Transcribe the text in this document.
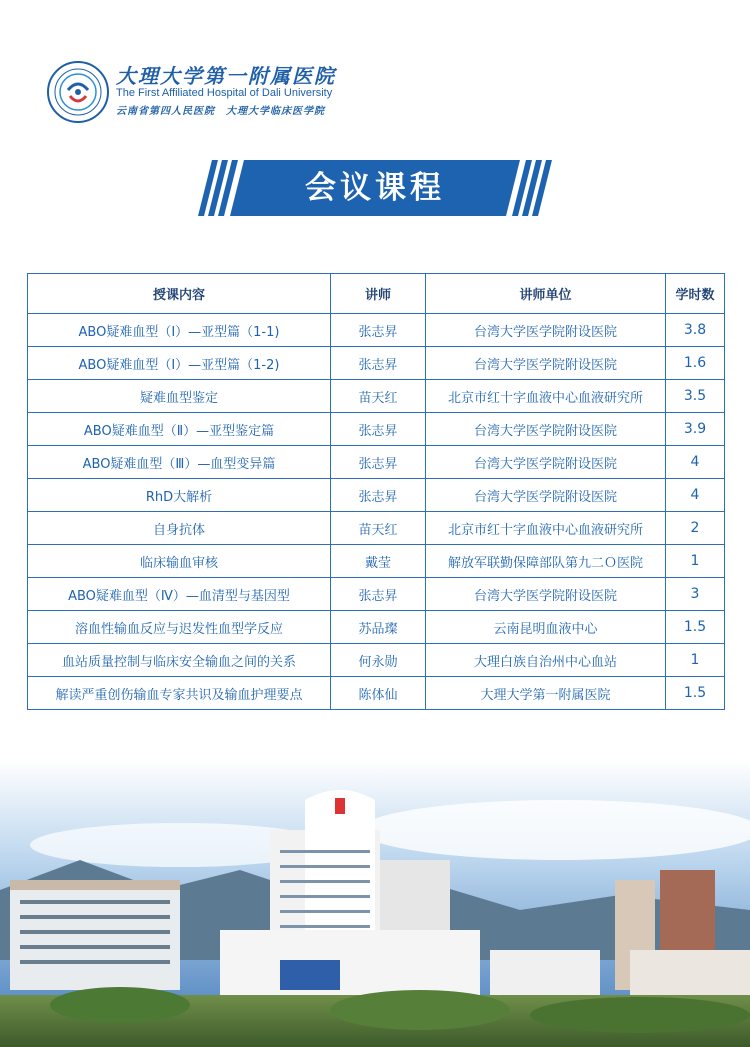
大理大学第一附属医院
The First Affiliated Hospital of Dali University
云南省第四人民医院　大理大学临床医学院
会议课程
授课内容	讲师	讲师单位	学时数
ABO疑难血型（Ⅰ）—亚型篇（1-1)	张志昇	台湾大学医学院附设医院	3.8
ABO疑难血型（Ⅰ）—亚型篇（1-2)	张志昇	台湾大学医学院附设医院	1.6
疑难血型鉴定	苗天红	北京市红十字血液中心血液研究所	3.5
ABO疑难血型（Ⅱ）—亚型鉴定篇	张志昇	台湾大学医学院附设医院	3.9
ABO疑难血型（Ⅲ）—血型变异篇	张志昇	台湾大学医学院附设医院	4
RhD大解析	张志昇	台湾大学医学院附设医院	4
自身抗体	苗天红	北京市红十字血液中心血液研究所	2
临床输血审核	戴莹	解放军联勤保障部队第九二Ｏ医院	1
ABO疑难血型（Ⅳ）—血清型与基因型	张志昇	台湾大学医学院附设医院	3
溶血性输血反应与迟发性血型学反应	苏品璨	云南昆明血液中心	1.5
血站质量控制与临床安全输血之间的关系	何永勋	大理白族自治州中心血站	1
解读严重创伤输血专家共识及输血护理要点	陈体仙	大理大学第一附属医院	1.5
